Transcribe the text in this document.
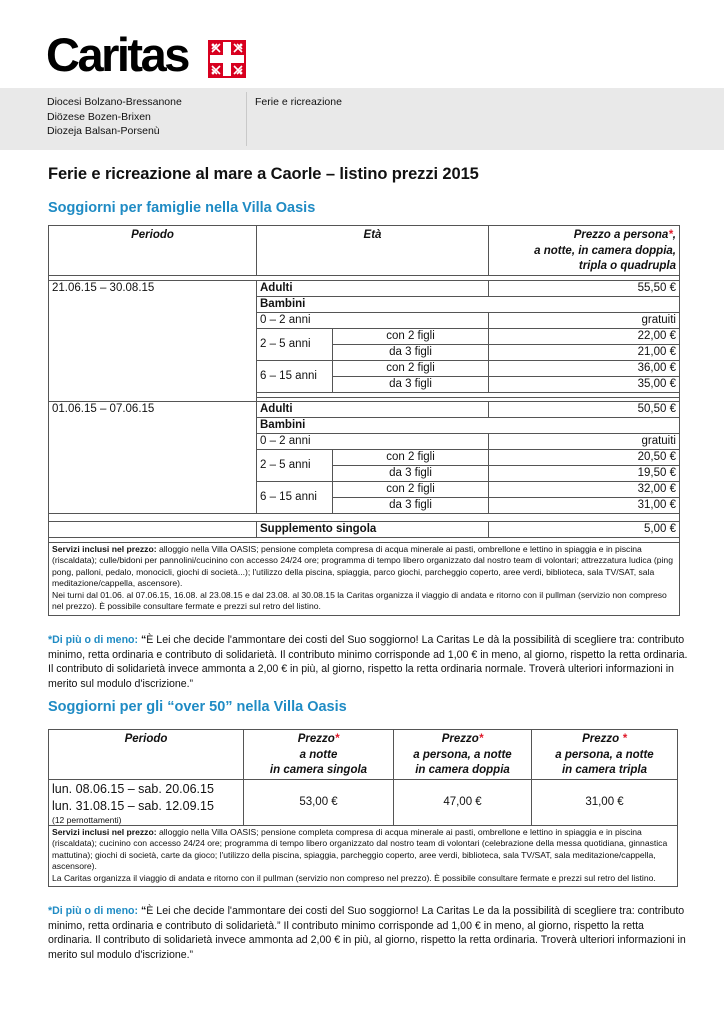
Caritas
Diocesi Bolzano-Bressanone
Diözese Bozen-Brixen
Diozeja Balsan-Porsenù
Ferie e ricreazione
Ferie e ricreazione al mare a Caorle – listino prezzi 2015
Soggiorni per famiglie nella Villa Oasis
Periodo	Età		Prezzo a persona*,
a notte, in camera doppia,
tripla o quadrupla

21.06.15 – 30.08.15	Adulti		55,50 €
	Bambini		
	0 – 2 anni		gratuiti
	2 – 5 anni	con 2 figli	22,00 €
		da 3 figli	21,00 €
	6 – 15 anni	con 2 figli	36,00 €
		da 3 figli	35,00 €

01.06.15 – 07.06.15	Adulti		50,50 €
	Bambini		
	0 – 2 anni		gratuiti
	2 – 5 anni	con 2 figli	20,50 €
		da 3 figli	19,50 €
	6 – 15 anni	con 2 figli	32,00 €
		da 3 figli	31,00 €

	Supplemento singola		5,00 €

Servizi inclusi nel prezzo: alloggio nella Villa OASIS; pensione completa compresa di acqua minerale ai pasti, ombrellone e lettino in spiaggia e in piscina (riscaldata); culle/bidoni per pannolini/cucinino con accesso 24/24 ore; programma di tempo libero organizzato dal nostro team di volontari; attrezzatura ludica (ping pong, palloni, pedalo, monocicli, giochi di società...); l'utilizzo della piscina, spiaggia, parco giochi, parcheggio coperto, aree verdi, biblioteca, sala TV/SAT, sala meditazione/cappella, ascensore).
Nei turni dal 01.06. al 07.06.15, 16.08. al 23.08.15 e dal 23.08. al 30.08.15 la Caritas organizza il viaggio di andata e ritorno con il pullman (servizio non compreso nel prezzo). È possibile consultare fermate e prezzi sul retro del listino.			
*Di più o di meno: “È Lei che decide l'ammontare dei costi del Suo soggiorno! La Caritas Le dà la possibilità di scegliere tra: contributo minimo, retta ordinaria e contributo di solidarietà. Il contributo minimo corrisponde ad 1,00 € in meno, al giorno, rispetto la retta ordinaria. Il contributo di solidarietà invece ammonta a 2,00 € in più, al giorno, rispetto la retta ordinaria normale. Troverà ulteriori informazioni in merito sul modulo d'iscrizione.”
Soggiorni per gli “over 50” nella Villa Oasis
Periodo	Prezzo*
a notte
in camera singola	Prezzo*
a persona, a notte
in camera doppia	Prezzo *
a persona, a notte
in camera tripla
lun. 08.06.15 – sab. 20.06.15
lun. 31.08.15 – sab. 12.09.15

(12 pernottamenti)	53,00 €	47,00 €	31,00 €
Servizi inclusi nel prezzo: alloggio nella Villa OASIS; pensione completa compresa di acqua minerale ai pasti, ombrellone e lettino in spiaggia e in piscina (riscaldata); cucinino con accesso 24/24 ore; programma di tempo libero organizzato dal nostro team di volontari (celebrazione della messa quotidiana, ginnastica mattutina); giochi di società, carte da gioco; l'utilizzo della piscina, spiaggia, parcheggio coperto, aree verdi, biblioteca, sala TV/SAT, sala meditazione/cappella, ascensore).
La Caritas organizza il viaggio di andata e ritorno con il pullman (servizio non compreso nel prezzo). È possibile consultare fermate e prezzi sul retro del listino.			
*Di più o di meno: “È Lei che decide l'ammontare dei costi del Suo soggiorno! La Caritas Le da la possibilità di scegliere tra: contributo minimo, retta ordinaria e contributo di solidarietà.” Il contributo minimo corrisponde ad 1,00 € in meno, al giorno, rispetto la retta ordinaria. Il contributo di solidarietà invece ammonta ad 2,00 € in più, al giorno, rispetto la retta ordinaria. Troverà ulteriori informazioni in merito sul modulo d'iscrizione.”
